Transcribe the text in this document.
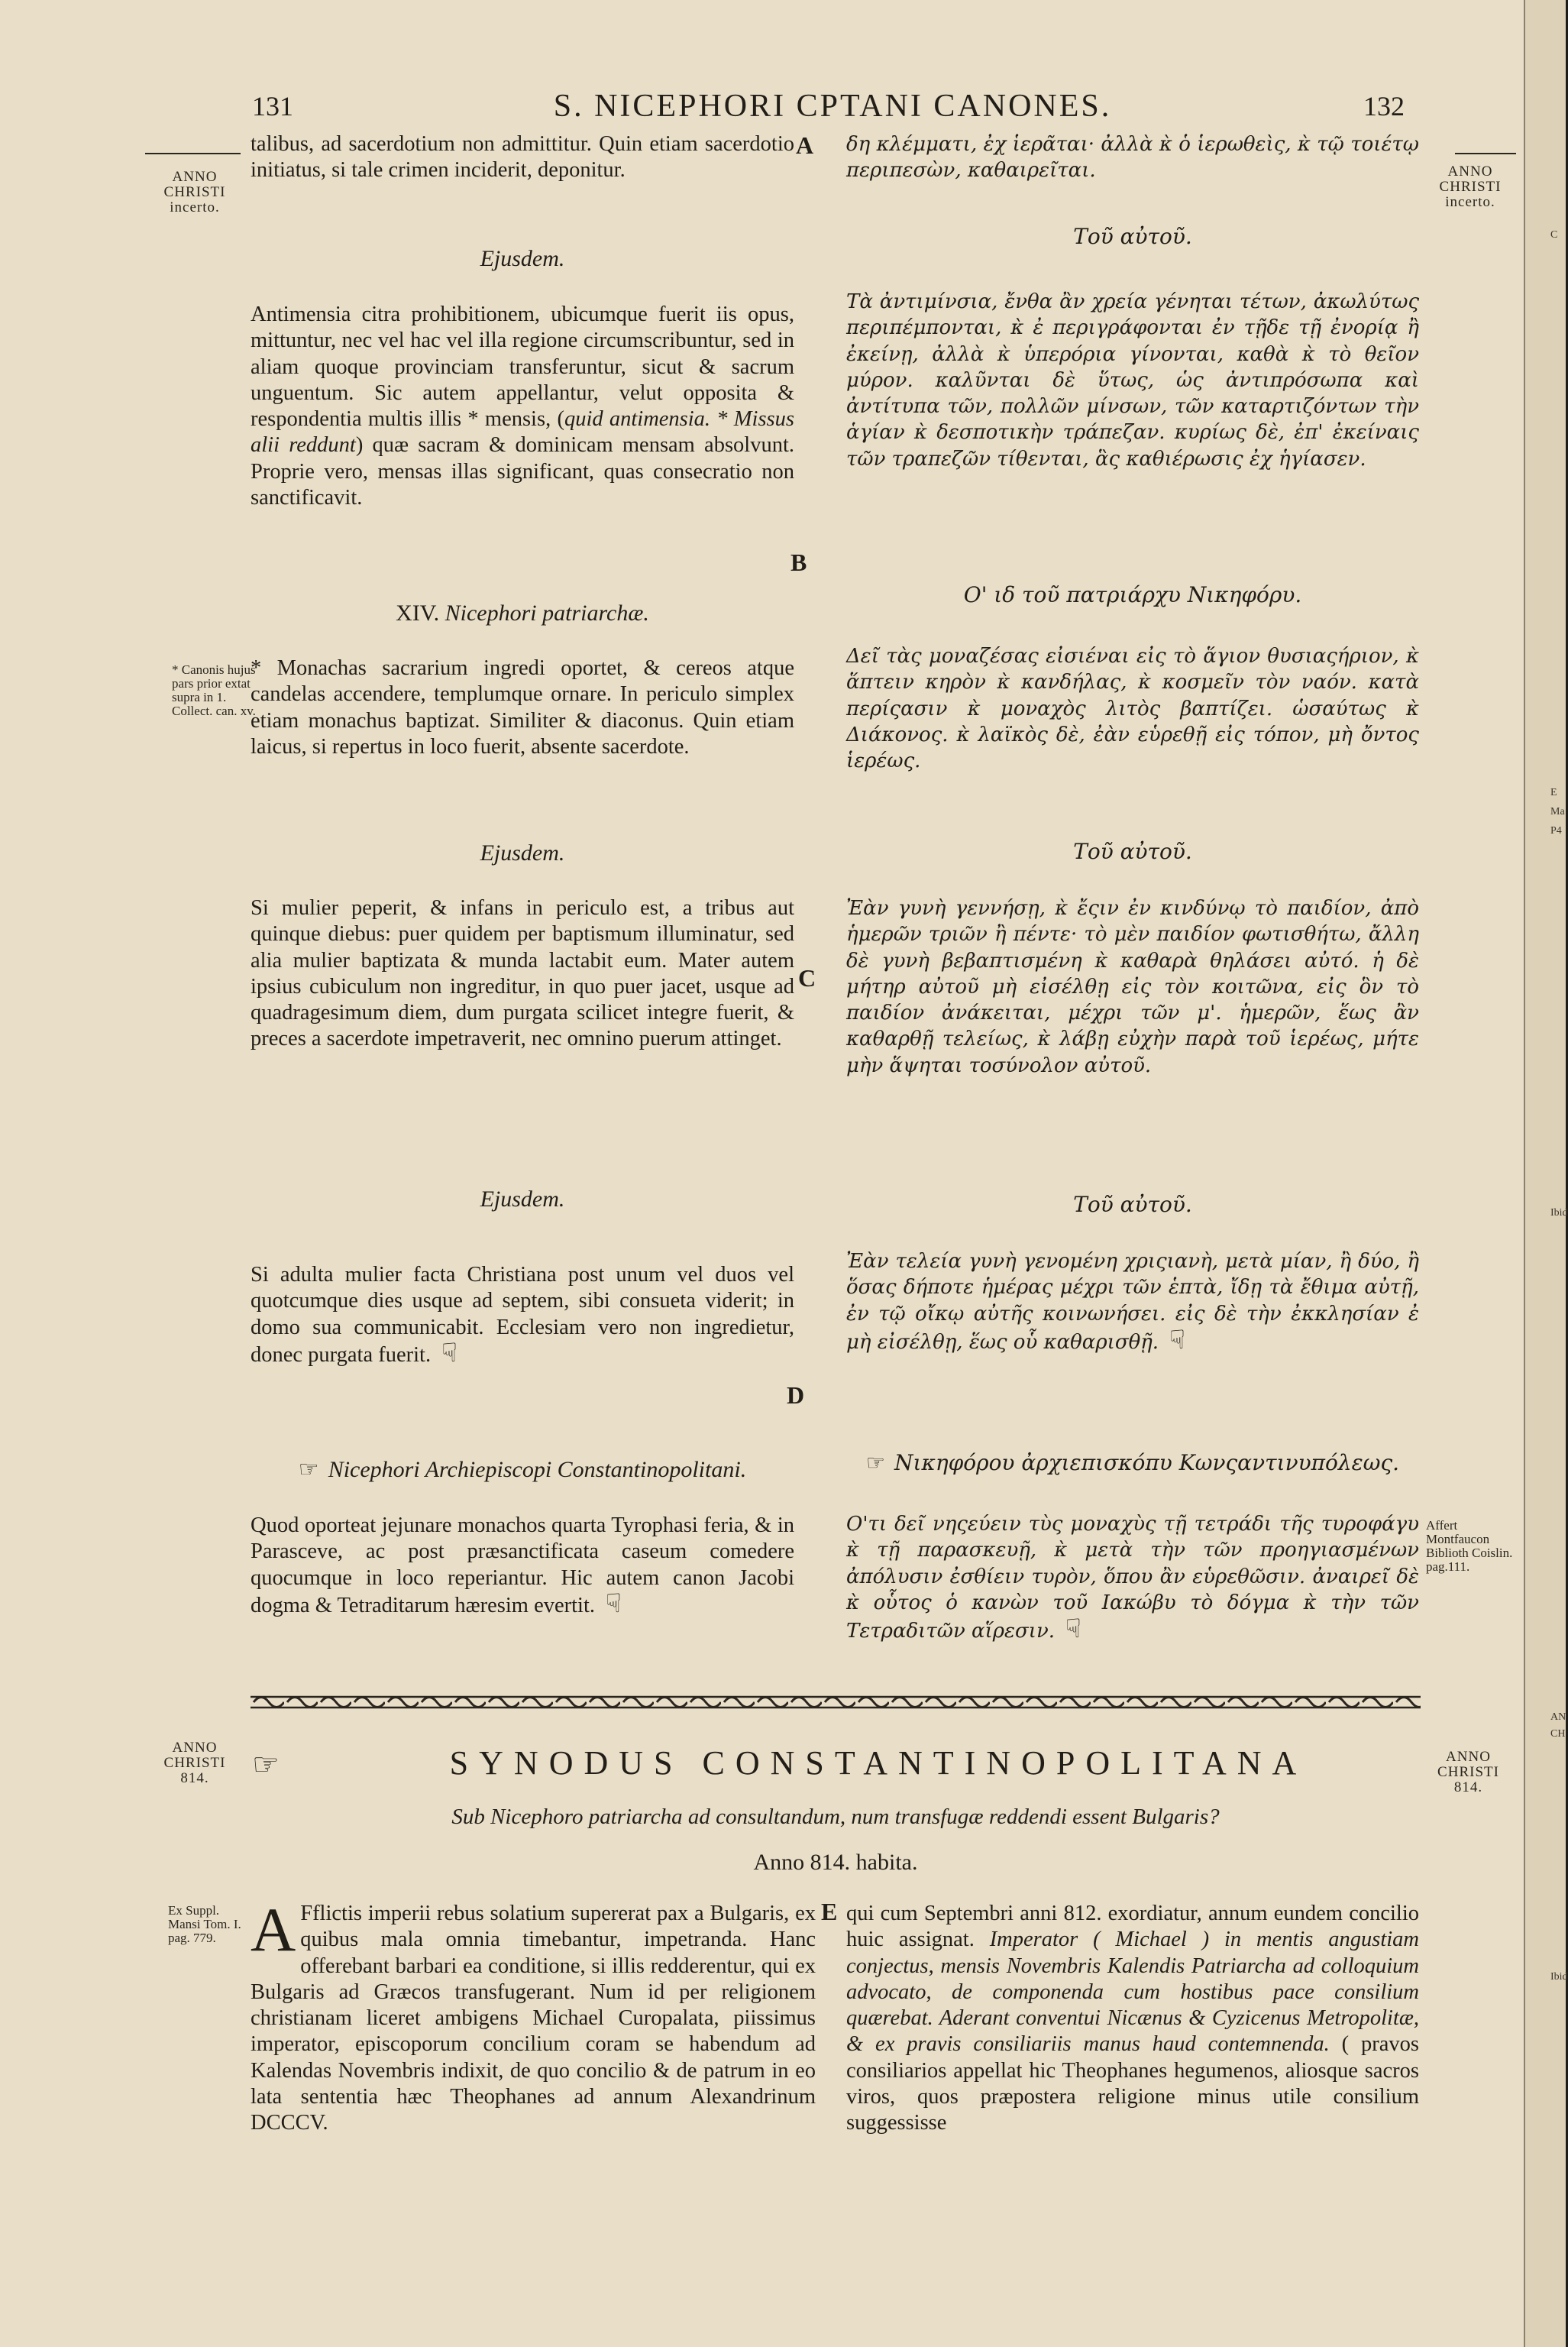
131	S. NICEPHORI CPTANI CANONES.	132
ANNO
CHRISTI
incerto.
ANNO
CHRISTI
incerto.
* Canonis hujus pars prior extat supra in 1. Collect. can. xv.
Affert Montfaucon Biblioth Coislin. pag.111.
A
B
C
D
E
talibus, ad sacerdotium non admittitur. Quin etiam sacerdotio initiatus, si tale crimen inciderit, deponitur.
Ejusdem.
Antimensia citra prohibitionem, ubicumque fuerit iis opus, mittuntur, nec vel hac vel illa regione circumscribuntur, sed in aliam quoque provinciam transferuntur, sicut & sacrum unguentum. Sic autem appellantur, velut opposita & respondentia multis illis * mensis, (quid antimensia. * Missus alii reddunt) quæ sacram & dominicam mensam absolvunt. Proprie vero, mensas illas significant, quas consecratio non sanctificavit.
XIV. Nicephori patriarchæ.
* Monachas sacrarium ingredi oportet, & cereos atque candelas accendere, templumque ornare. In periculo simplex etiam monachus baptizat. Similiter & diaconus. Quin etiam laicus, si repertus in loco fuerit, absente sacerdote.
Ejusdem.
Si mulier peperit, & infans in periculo est, a tribus aut quinque diebus: puer quidem per baptismum illuminatur, sed alia mulier baptizata & munda lactabit eum. Mater autem ipsius cubiculum non ingreditur, in quo puer jacet, usque ad quadragesimum diem, dum purgata scilicet integre fuerit, & preces a sacerdote impetraverit, nec omnino puerum attinget.
Ejusdem.
Si adulta mulier facta Christiana post unum vel duos vel quotcumque dies usque ad septem, sibi consueta viderit; in domo sua communicabit. Ecclesiam vero non ingredietur, donec purgata fuerit. ☟
☞ Nicephori Archiepiscopi Constantinopolitani.
Quod oporteat jejunare monachos quarta Tyrophasi feria, & in Parasceve, ac post præsanctificata caseum comedere quocumque in loco reperiantur. Hic autem canon Jacobi dogma & Tetraditarum hæresim evertit. ☟
δη κλέμματι, ἐχ ἱερᾶται· ἀλλὰ κ̀ ὁ ἱερωθεὶς, κ̀ τῷ τοιέτῳ περιπεσὼν, καθαιρεῖται.
Τοῦ αὐτοῦ.
Τὰ ἀντιμίνσια, ἔνθα ἂν χρεία γένηται τέτων, ἀκωλύτως περιπέμπονται, κ̀ ἐ περιγράφονται ἐν τῇδε τῇ ἐνορίᾳ ἢ ἐκείνῃ, ἀλλὰ κ̀ ὑπερόρια γίνονται, καθὰ κ̀ τὸ θεῖον μύρον. καλῦνται δὲ ὕτως, ὡς ἀντιπρόσωπα καὶ ἀντίτυπα τῶν, πολλῶν μίνσων, τῶν καταρτιζόντων τὴν ἁγίαν κ̀ δεσποτικὴν τράπεζαν. κυρίως δὲ, ἐπ' ἐκείναις τῶν τραπεζῶν τίθενται, ἃς καθιέρωσις ἐχ ἡγίασεν.
Ο' ιδ τοῦ πατριάρχυ Νικηφόρυ.
Δεῖ τὰς μοναζέσας εἰσιέναι εἰς τὸ ἅγιον θυσιαςήριον, κ̀ ἅπτειν κηρὸν κ̀ κανδήλας, κ̀ κοσμεῖν τὸν ναόν. κατὰ περίςασιν κ̀ μοναχὸς λιτὸς βαπτίζει. ὡσαύτως κ̀ Διάκονος. κ̀ λαϊκὸς δὲ, ἐὰν εὑρεθῇ εἰς τόπον, μὴ ὄντος ἱερέως.
Τοῦ αὐτοῦ.
Ἐὰν γυνὴ γεννήσῃ, κ̀ ἔςιν ἐν κινδύνῳ τὸ παιδίον, ἀπὸ ἡμερῶν τριῶν ἢ πέντε· τὸ μὲν παιδίον φωτισθήτω, ἄλλη δὲ γυνὴ βεβαπτισμένη κ̀ καθαρὰ θηλάσει αὐτό. ἡ δὲ μήτηρ αὐτοῦ μὴ εἰσέλθῃ εἰς τὸν κοιτῶνα, εἰς ὃν τὸ παιδίον ἀνάκειται, μέχρι τῶν μ'. ἡμερῶν, ἕως ἂν καθαρθῇ τελείως, κ̀ λάβῃ εὐχὴν παρὰ τοῦ ἱερέως, μήτε μὴν ἅψηται τοσύνολον αὐτοῦ.
Τοῦ αὐτοῦ.
Ἐὰν τελεία γυνὴ γενομένη χριςιανὴ, μετὰ μίαν, ἢ δύο, ἢ ὅσας δήποτε ἡμέρας μέχρι τῶν ἑπτὰ, ἴδῃ τὰ ἔθιμα αὐτῇ, ἐν τῷ οἴκῳ αὐτῆς κοινωνήσει. εἰς δὲ τὴν ἐκκλησίαν ἐ μὴ εἰσέλθῃ, ἕως οὗ καθαρισθῇ. ☟
☞ Νικηφόρου ἀρχιεπισκόπυ Κωνςαντινυπόλεως.
Ο'τι δεῖ νηςεύειν τὺς μοναχὺς τῇ τετράδι τῆς τυροφάγυ κ̀ τῇ παρασκευῇ, κ̀ μετὰ τὴν τῶν προηγιασμένων ἀπόλυσιν ἐσθίειν τυρὸν, ὅπου ἂν εὑρεθῶσιν. ἀναιρεῖ δὲ κ̀ οὗτος ὁ κανὼν τοῦ Ιακώβυ τὸ δόγμα κ̀ τὴν τῶν Τετραδιτῶν αἵρεσιν. ☟
ANNO
CHRISTI
814.
ANNO
CHRISTI
814.
☞	SYNODUS CONSTANTINOPOLITANA
Sub Nicephoro patriarcha ad consultandum, num transfugæ reddendi essent Bulgaris?
Anno 814. habita.
Ex Suppl. Mansi Tom. I. pag. 779. A Fflictis imperii rebus solatium supererat pax a Bulgaris, ex quibus mala omnia timebantur, impetranda. Hanc offerebant barbari ea conditione, si illis redderentur, qui ex Bulgaris ad Græcos transfugerant. Num id per religionem christianam liceret ambigens Michael Curopalata, piissimus imperator, episcoporum concilium coram se habendum ad Kalendas Novembris indixit, de quo concilio & de patrum in eo lata sententia hæc Theophanes ad annum Alexandrinum DCCCV.
qui cum Septembri anni 812. exordiatur, annum eundem concilio huic assignat. Imperator ( Michael ) in mentis angustiam conjectus, mensis Novembris Kalendis Patriarcha ad colloquium advocato, de componenda cum hostibus pace consilium quærebat. Aderant conventui Nicænus & Cyzicenus Metropolitæ, & ex pravis consiliariis manus haud contemnenda. ( pravos consiliarios appellat hic Theophanes hegumenos, aliosque sacros viros, quos præpostera religione minus utile consilium suggessisse
C
E
Ma
P4
Ibid
AN
CH
Ibid
